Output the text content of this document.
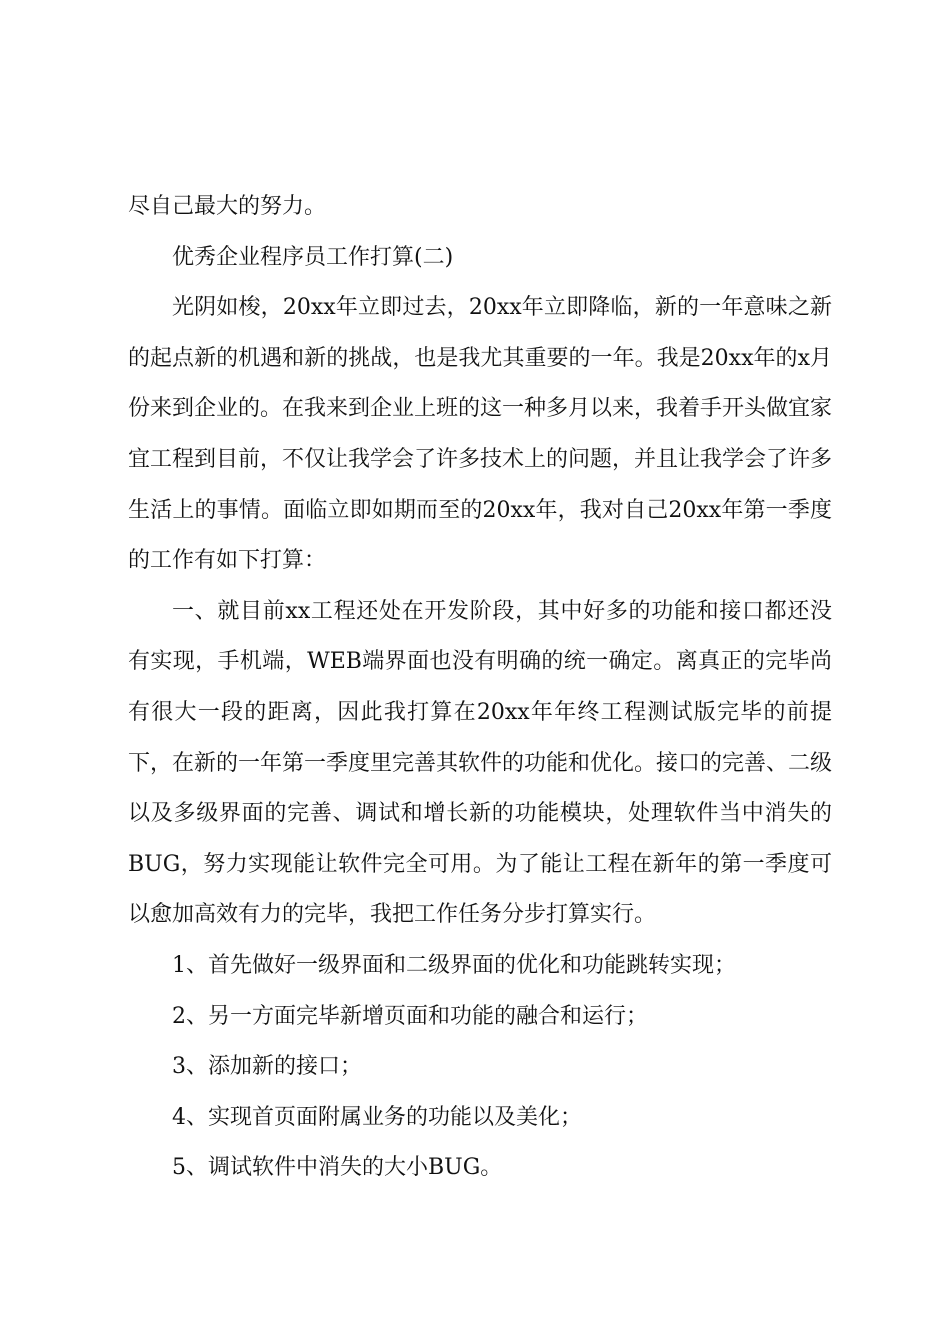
尽自己最大的努力。

优秀企业程序员工作打算(二)

光阴如梭，20xx年立即过去，20xx年立即降临，新的一年意味之新的起点新的机遇和新的挑战，也是我尤其重要的一年。我是20xx年的x月份来到企业的。在我来到企业上班的这一种多月以来，我着手开头做宜家宜工程到目前，不仅让我学会了许多技术上的问题，并且让我学会了许多生活上的事情。面临立即如期而至的20xx年，我对自己20xx年第一季度的工作有如下打算：

一、就目前xx工程还处在开发阶段，其中好多的功能和接口都还没有实现，手机端，WEB端界面也没有明确的统一确定。离真正的完毕尚有很大一段的距离，因此我打算在20xx年年终工程测试版完毕的前提下，在新的一年第一季度里完善其软件的功能和优化。接口的完善、二级以及多级界面的完善、调试和增长新的功能模块，处理软件当中消失的BUG，努力实现能让软件完全可用。为了能让工程在新年的第一季度可以愈加高效有力的完毕，我把工作任务分步打算实行。

1、首先做好一级界面和二级界面的优化和功能跳转实现；

2、另一方面完毕新增页面和功能的融合和运行；

3、添加新的接口；

4、实现首页面附属业务的功能以及美化；

5、调试软件中消失的大小BUG。
